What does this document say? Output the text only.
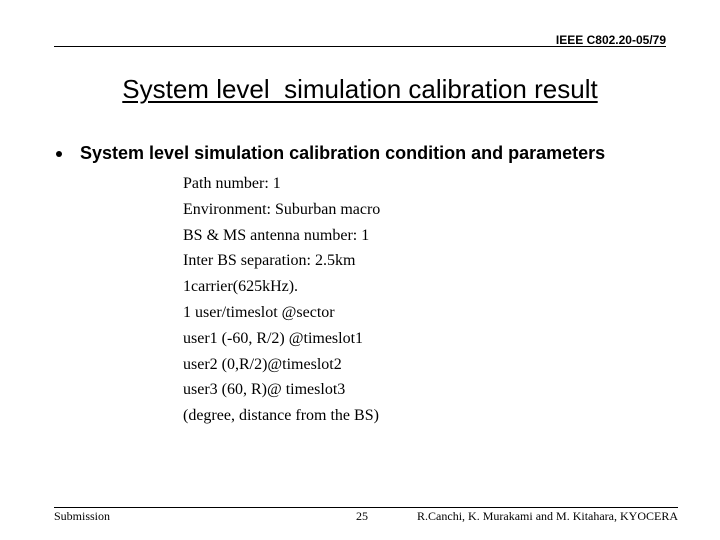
IEEE C802.20-05/79
System level  simulation calibration result
System level simulation calibration condition and parameters
Path number: 1
Environment: Suburban macro
BS & MS antenna number: 1
Inter BS separation: 2.5km
1carrier(625kHz).
1 user/timeslot @sector
user1 (-60, R/2) @timeslot1
user2 (0,R/2)@timeslot2
user3 (60, R)@ timeslot3
(degree, distance from the BS)
Submission	25	R.Canchi, K. Murakami and M. Kitahara, KYOCERA
